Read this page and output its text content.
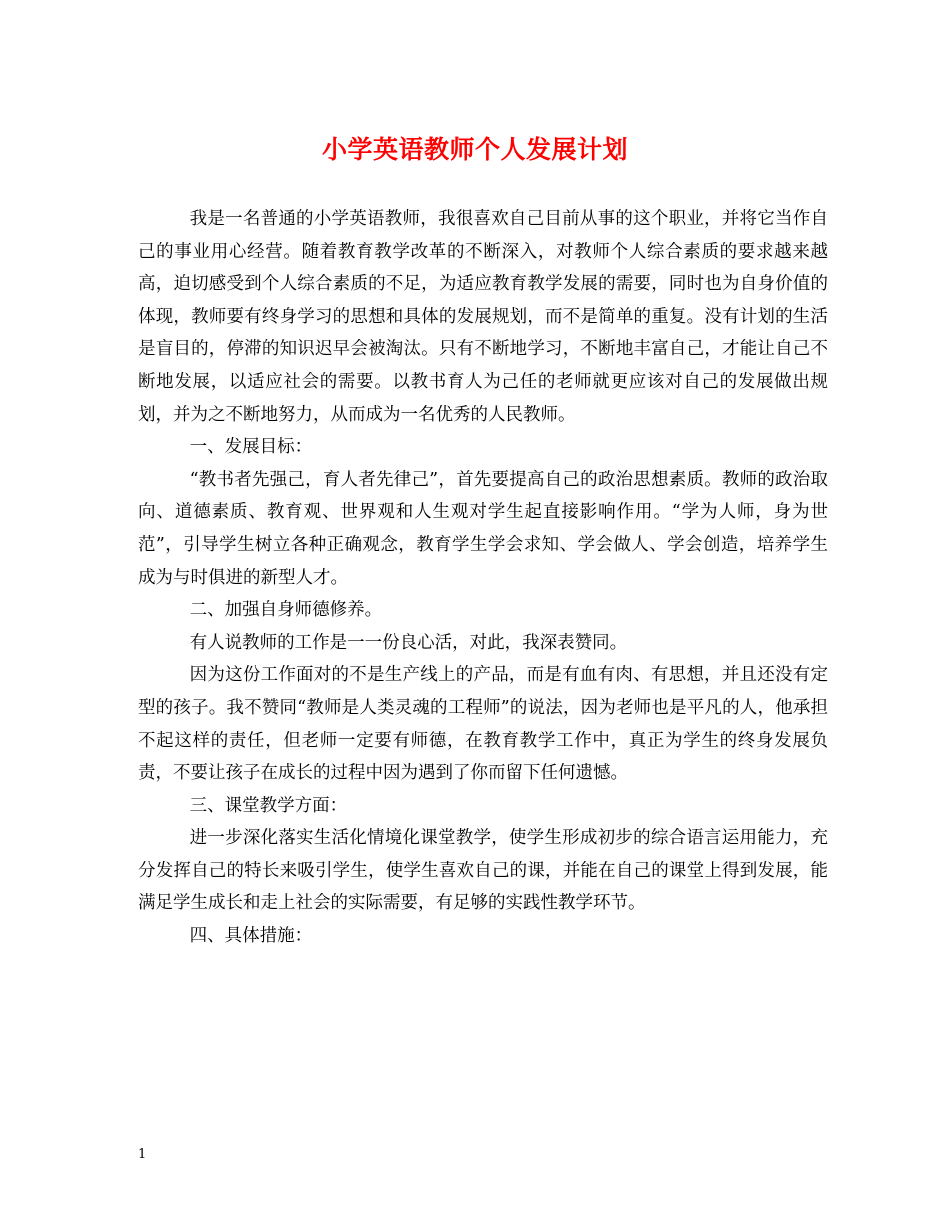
小学英语教师个人发展计划

我是一名普通的小学英语教师，我很喜欢自己目前从事的这个职业，并将它当作自己的事业用心经营。随着教育教学改革的不断深入，对教师个人综合素质的要求越来越高，迫切感受到个人综合素质的不足，为适应教育教学发展的需要，同时也为自身价值的体现，教师要有终身学习的思想和具体的发展规划，而不是简单的重复。没有计划的生活是盲目的，停滞的知识迟早会被淘汰。只有不断地学习，不断地丰富自己，才能让自己不断地发展，以适应社会的需要。以教书育人为己任的老师就更应该对自己的发展做出规划，并为之不断地努力，从而成为一名优秀的人民教师。

一、发展目标：

“教书者先强己，育人者先律己”，首先要提高自己的政治思想素质。教师的政治取向、道德素质、教育观、世界观和人生观对学生起直接影响作用。“学为人师，身为世范”，引导学生树立各种正确观念，教育学生学会求知、学会做人、学会创造，培养学生成为与时俱进的新型人才。

二、加强自身师德修养。

有人说教师的工作是一一份良心活，对此，我深表赞同。

因为这份工作面对的不是生产线上的产品，而是有血有肉、有思想，并且还没有定型的孩子。我不赞同“教师是人类灵魂的工程师”的说法，因为老师也是平凡的人，他承担不起这样的责任，但老师一定要有师德，在教育教学工作中，真正为学生的终身发展负责，不要让孩子在成长的过程中因为遇到了你而留下任何遗憾。

三、课堂教学方面：

进一步深化落实生活化情境化课堂教学，使学生形成初步的综合语言运用能力，充分发挥自己的特长来吸引学生，使学生喜欢自己的课，并能在自己的课堂上得到发展，能满足学生成长和走上社会的实际需要，有足够的实践性教学环节。

四、具体措施：

1
